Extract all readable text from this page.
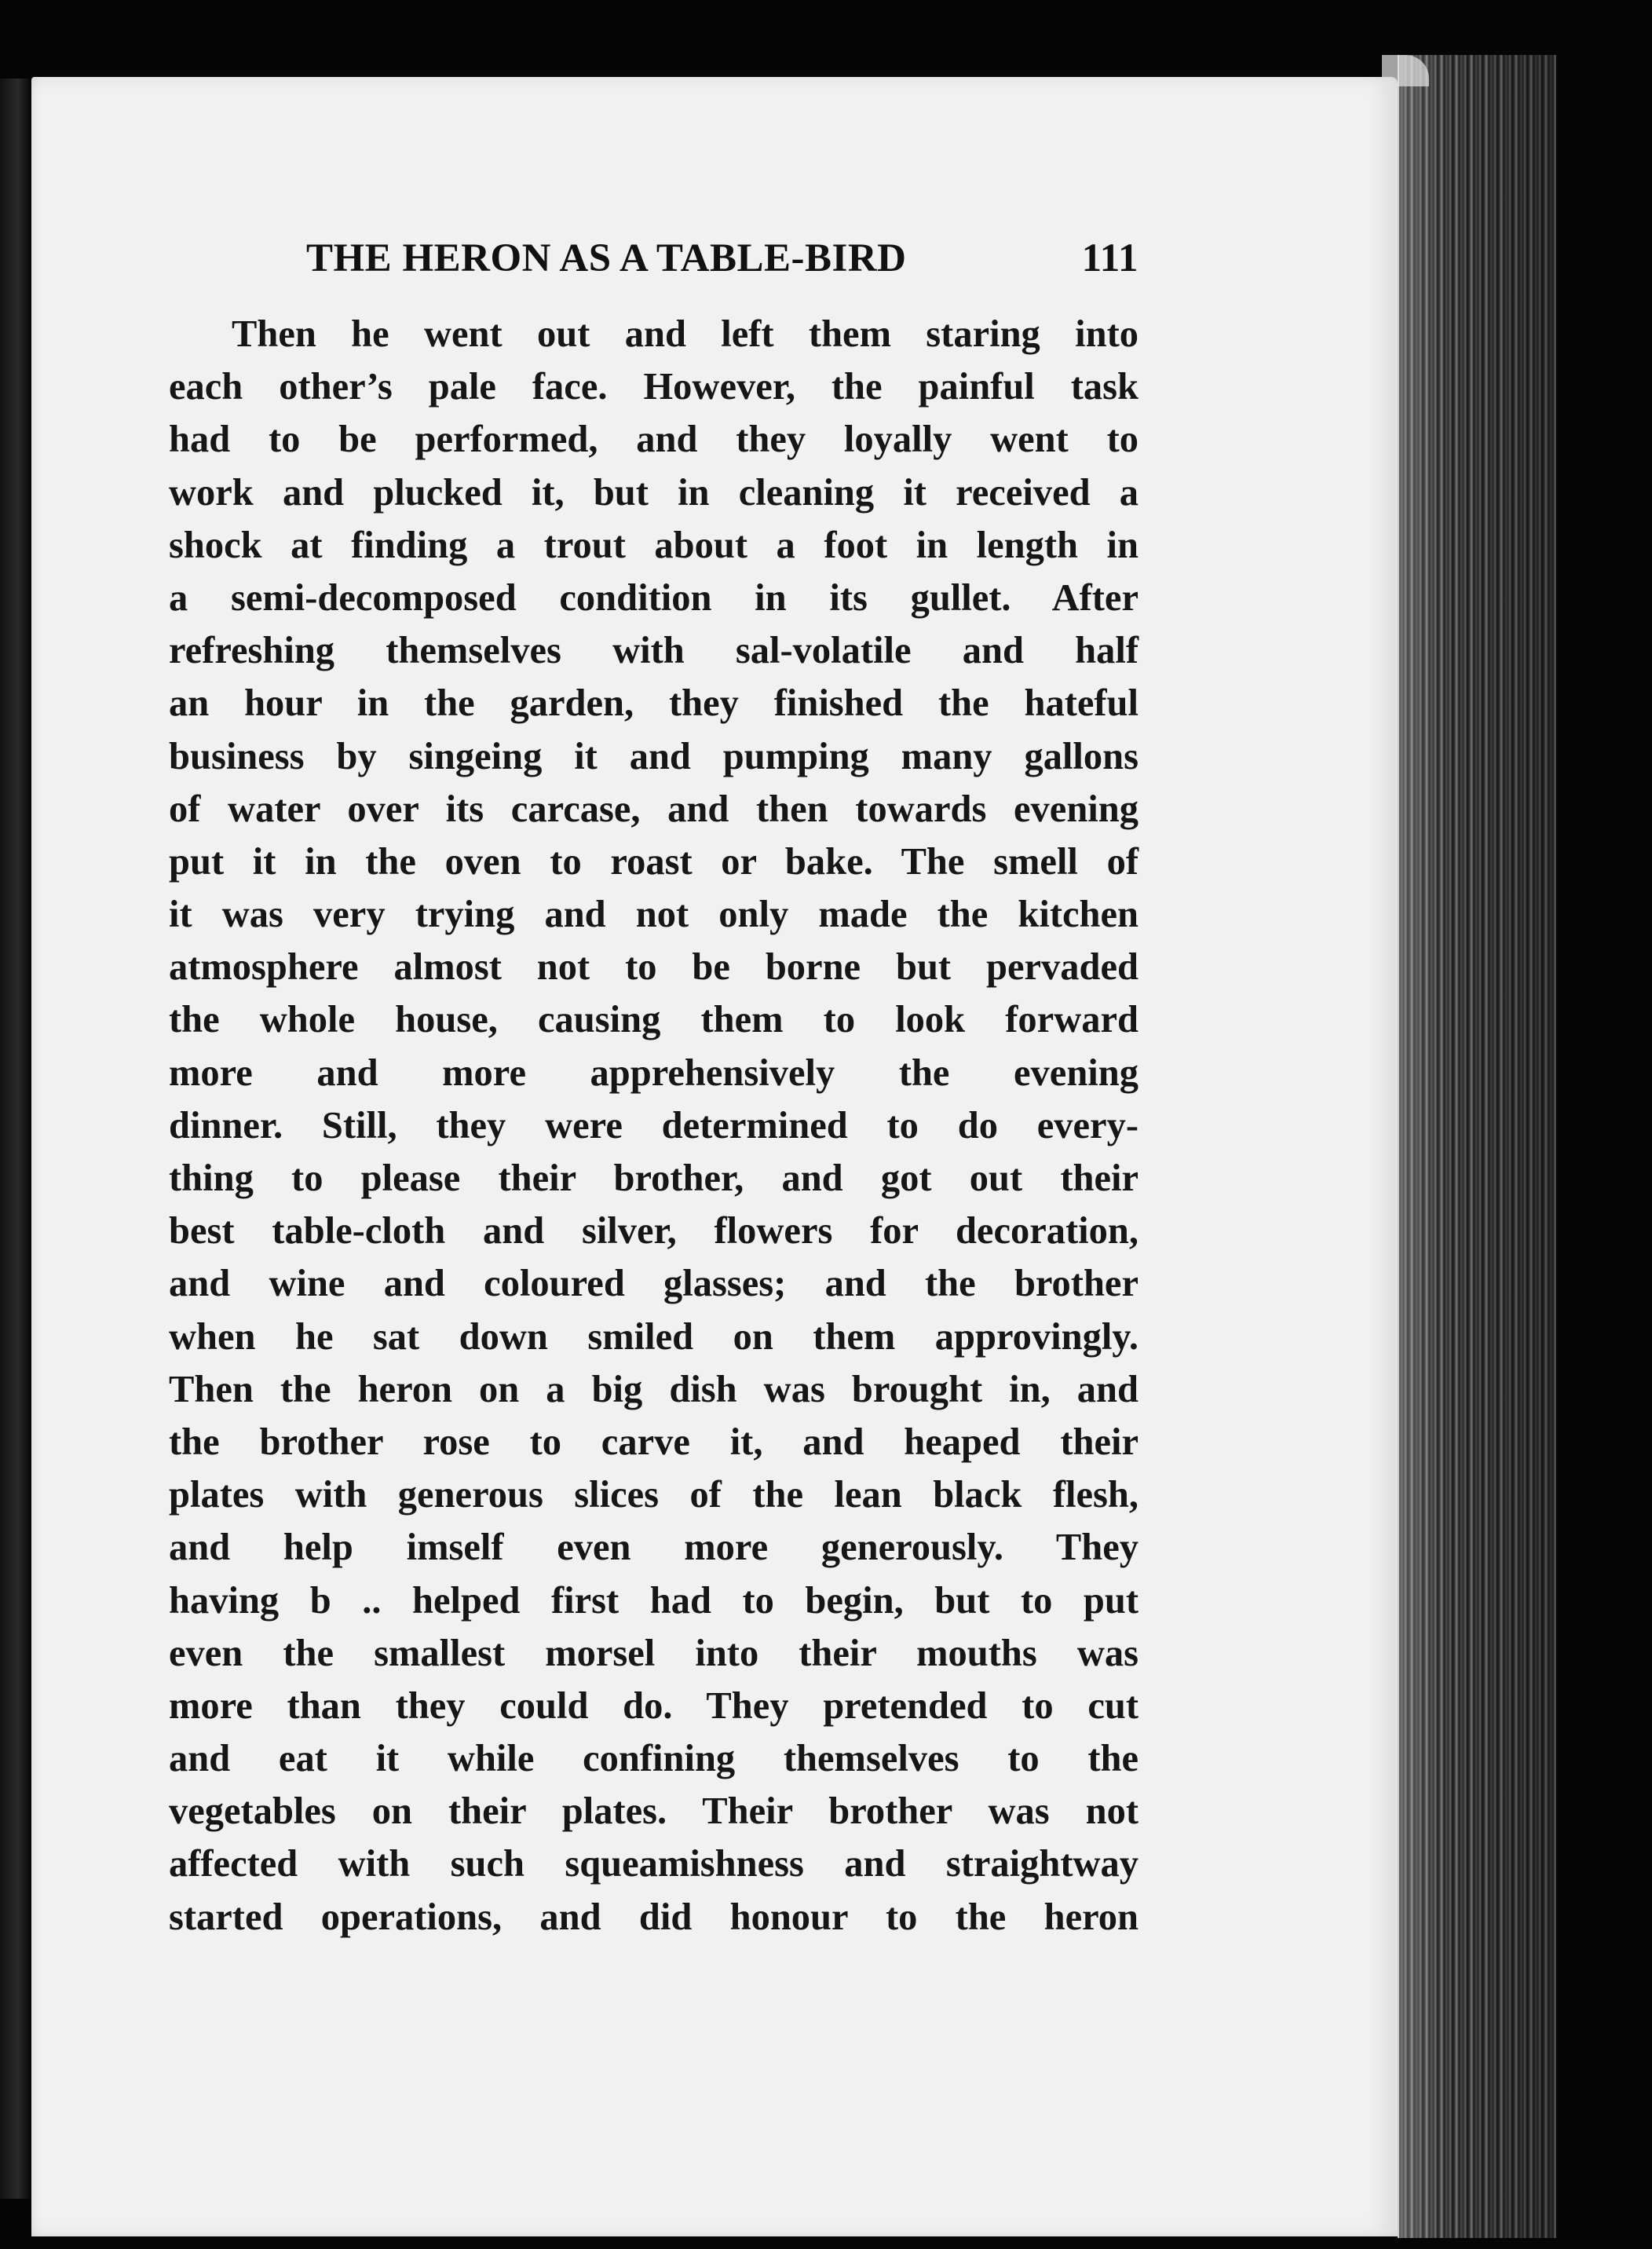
THE HERON AS A TABLE-BIRD	111
Then he went out and left them staring into
each other’s pale face. However, the painful task
had to be performed, and they loyally went to
work and plucked it, but in cleaning it received a
shock at finding a trout about a foot in length in
a semi-decomposed condition in its gullet. After
refreshing themselves with sal-volatile and half
an hour in the garden, they finished the hateful
business by singeing it and pumping many gallons
of water over its carcase, and then towards evening
put it in the oven to roast or bake. The smell of
it was very trying and not only made the kitchen
atmosphere almost not to be borne but pervaded
the whole house, causing them to look forward
more and more apprehensively the evening
dinner. Still, they were determined to do every-
thing to please their brother, and got out their
best table-cloth and silver, flowers for decoration,
and wine and coloured glasses; and the brother
when he sat down smiled on them approvingly.
Then the heron on a big dish was brought in, and
the brother rose to carve it, and heaped their
plates with generous slices of the lean black flesh,
and help imself even more generously. They
having b .. helped first had to begin, but to put
even the smallest morsel into their mouths was
more than they could do. They pretended to cut
and eat it while confining themselves to the
vegetables on their plates. Their brother was not
affected with such squeamishness and straightway
started operations, and did honour to the heron
